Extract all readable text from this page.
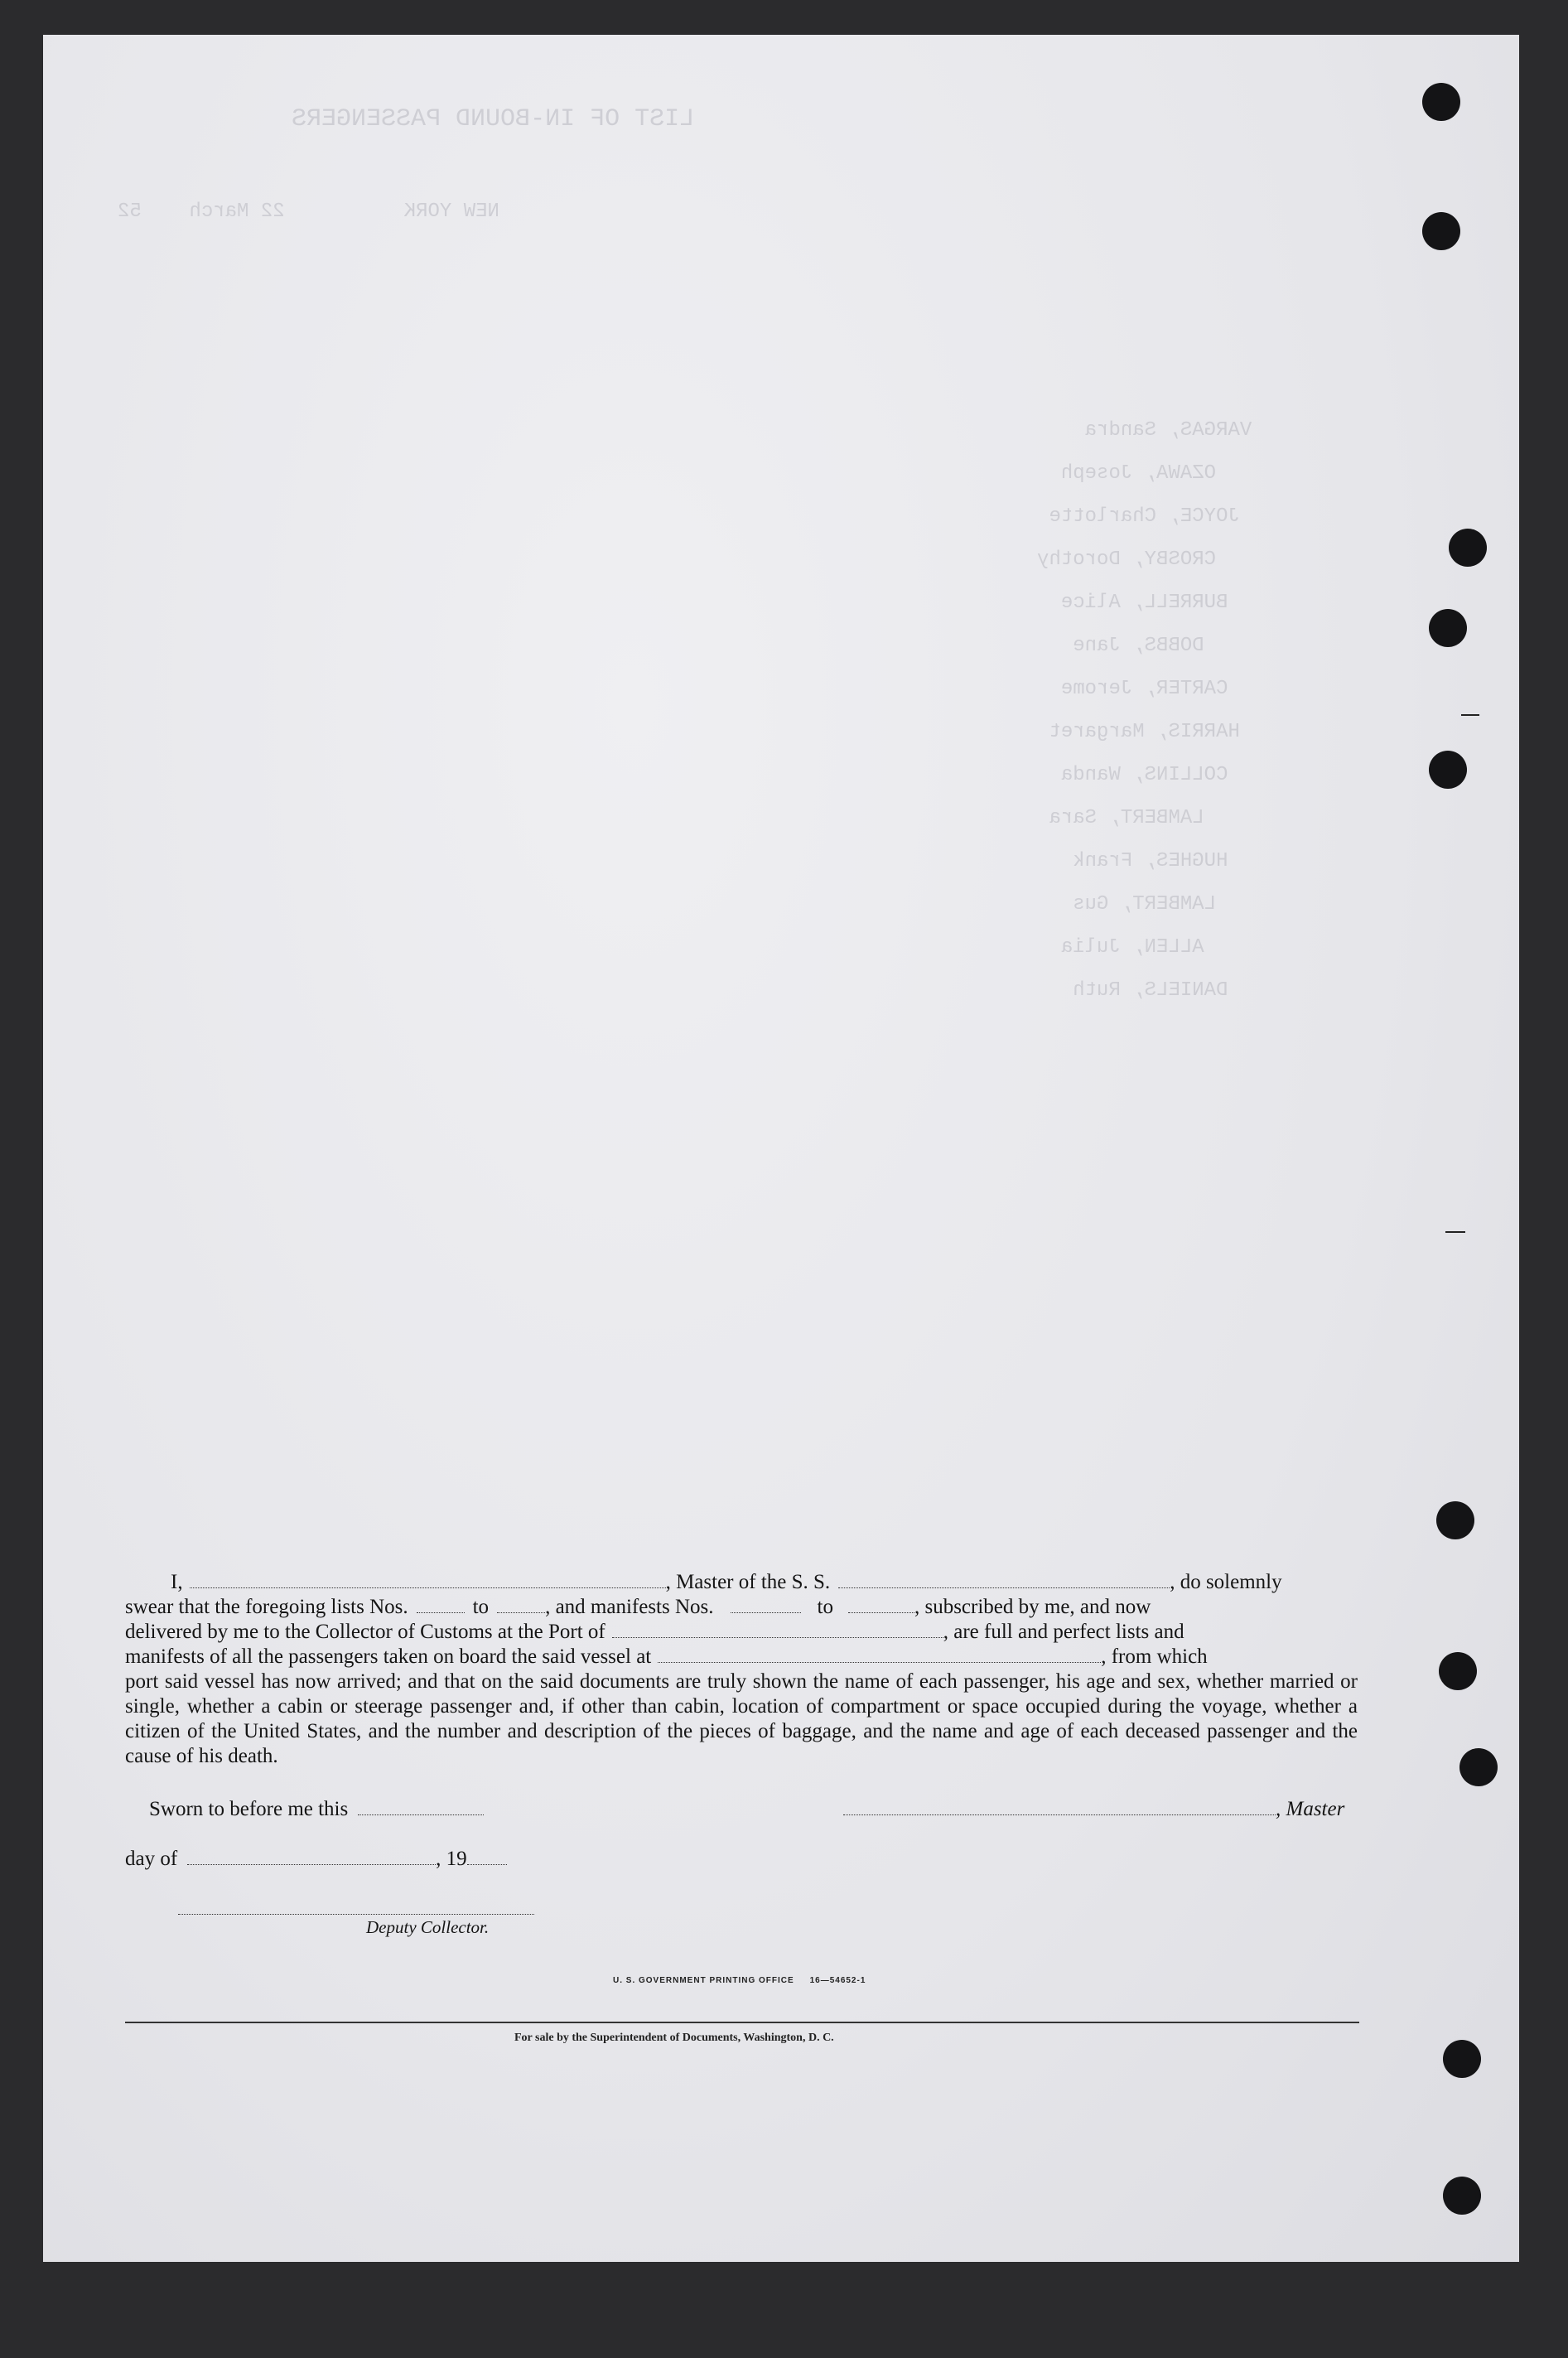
LIST OF IN-BOUND PASSENGERS
NEW YORK          22 March    52

VARGAS, Sandra
OZAWA, Joseph
JOYCE, Charlotte
CROSBY, Dorothy
BURRELL, Alice
DOBBS, Jane
CARTER, Jerome
HARRIS, Margaret
COLLINS, Wanda
LAMBERT, Sara
HUGHES, Frank
LAMBERT, Gus
ALLEN, Julia
DANIELS, Ruth

I,	, Master of the S. S.	, do solemnly

swear that the foregoing lists Nos.	to	, and manifests Nos.	to	, subscribed by me, and now

delivered by me to the Collector of Customs at the Port of	, are full and perfect lists and

manifests of all the passengers taken on board the said vessel at	, from which

port said vessel has now arrived; and that on the said documents are truly shown the name of each passenger, his age and sex, whether married or single, whether a cabin or steerage passenger and, if other than cabin, location of compartment or space occupied during the voyage, whether a citizen of the United States, and the number and description of the pieces of baggage, and the name and age of each deceased passenger and the cause of his death.

Sworn to before me this	, Master
day of	, 19
Deputy Collector.
U. S. GOVERNMENT PRINTING OFFICE     16—54652-1
For sale by the Superintendent of Documents, Washington, D. C.
